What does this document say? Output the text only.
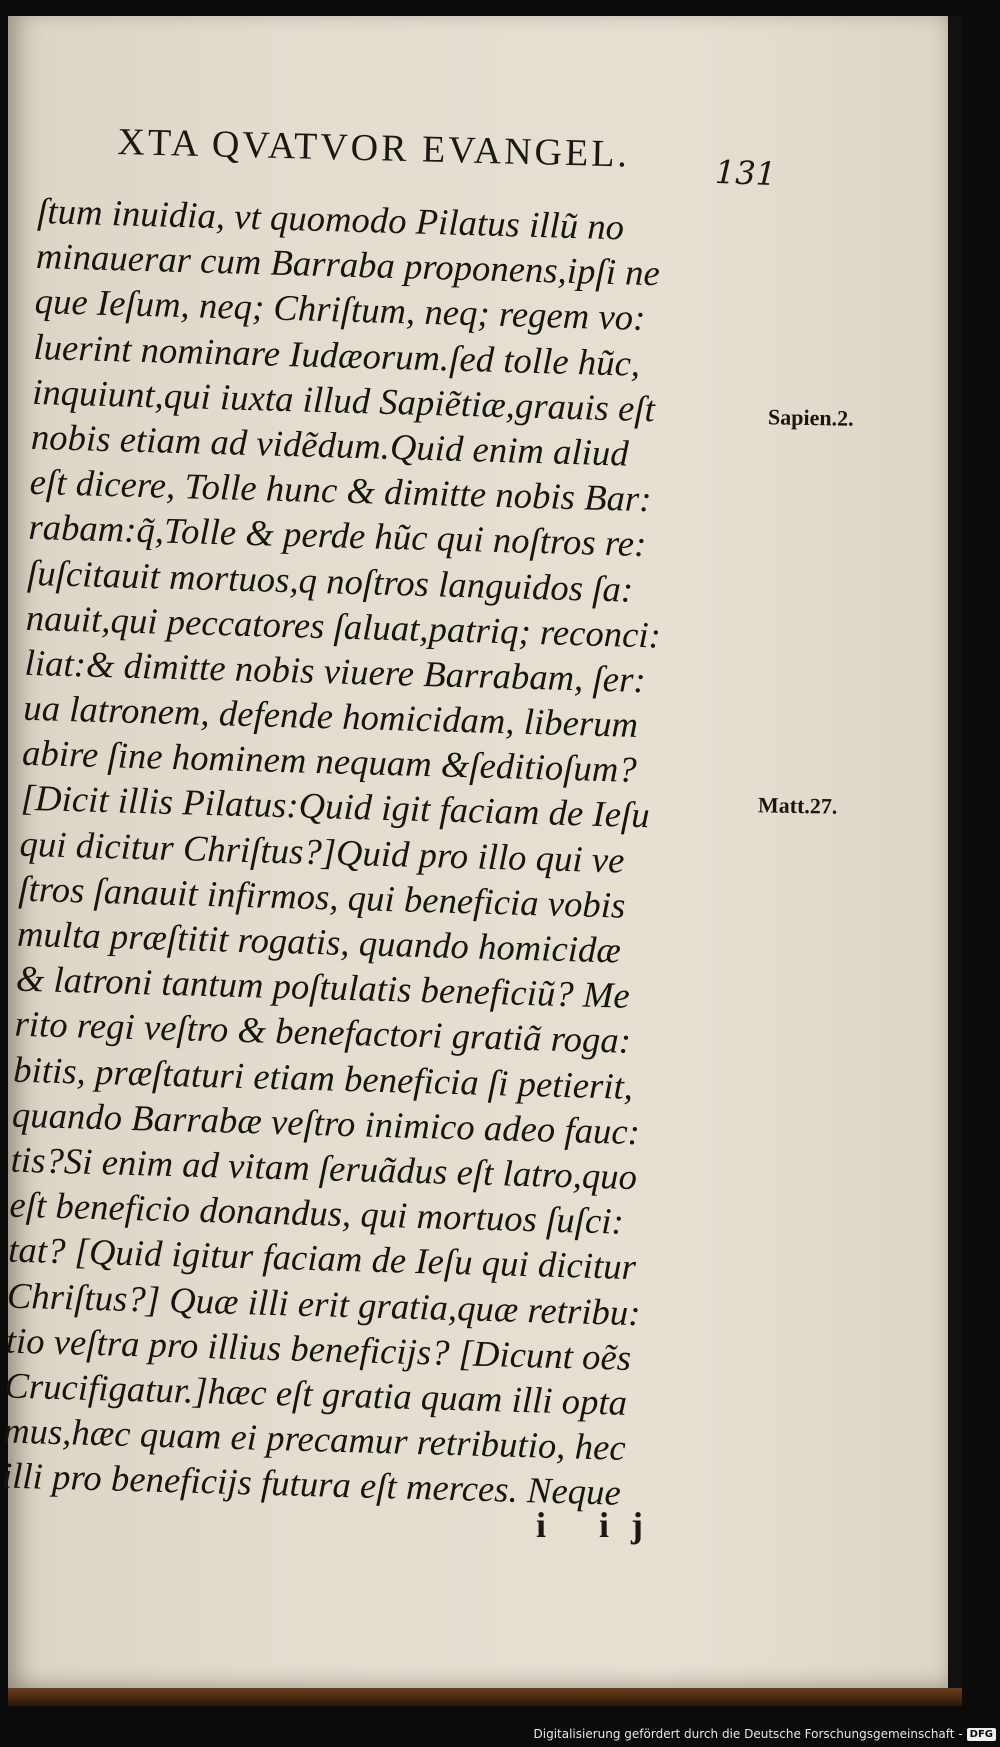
XTA QVATVOR EVANGEL.	131
ſtum inuidia, vt quomodo Pilatus illũ no
minauerar cum Barraba proponens,ipſi ne
que Ieſum, neq; Chriſtum, neq; regem vo:
luerint nominare Iudæorum.ſed tolle hũc,
inquiunt,qui iuxta illud Sapiẽtiæ,grauis eſt
nobis etiam ad vidẽdum.Quid enim aliud
eſt dicere, Tolle hunc & dimitte nobis Bar:
rabam:q̃,Tolle & perde hũc qui noſtros re:
ſuſcitauit mortuos,q noſtros languidos ſa:
nauit,qui peccatores ſaluat,patriq; reconci:
liat:& dimitte nobis viuere Barrabam, ſer:
ua latronem, defende homicidam, liberum
abire ſine hominem nequam &ſeditioſum?
[Dicit illis Pilatus:Quid igit faciam de Ieſu
qui dicitur Chriſtus?]Quid pro illo qui ve
ſtros ſanauit infirmos, qui beneficia vobis
multa præſtitit rogatis, quando homicidæ
& latroni tantum poſtulatis beneficiũ? Me
rito regi veſtro & benefactori gratiã roga:
bitis, præſtaturi etiam beneficia ſi petierit,
quando Barrabæ veſtro inimico adeo fauc:
tis?Si enim ad vitam ſeruãdus eſt latro,quo
eſt beneficio donandus, qui mortuos ſuſci:
tat? [Quid igitur faciam de Ieſu qui dicitur
Chriſtus?] Quæ illi erit gratia,quæ retribu:
tio veſtra pro illius beneficijs? [Dicunt oẽs
Crucifigatur.]hæc eſt gratia quam illi opta
mus,hæc quam ei precamur retributio, hec
illi pro beneficijs futura eſt merces. Neque
Sapien.2.
Matt.27.
i ij
Digitalisierung gefördert durch die Deutsche Forschungsgemeinschaft - DFG
